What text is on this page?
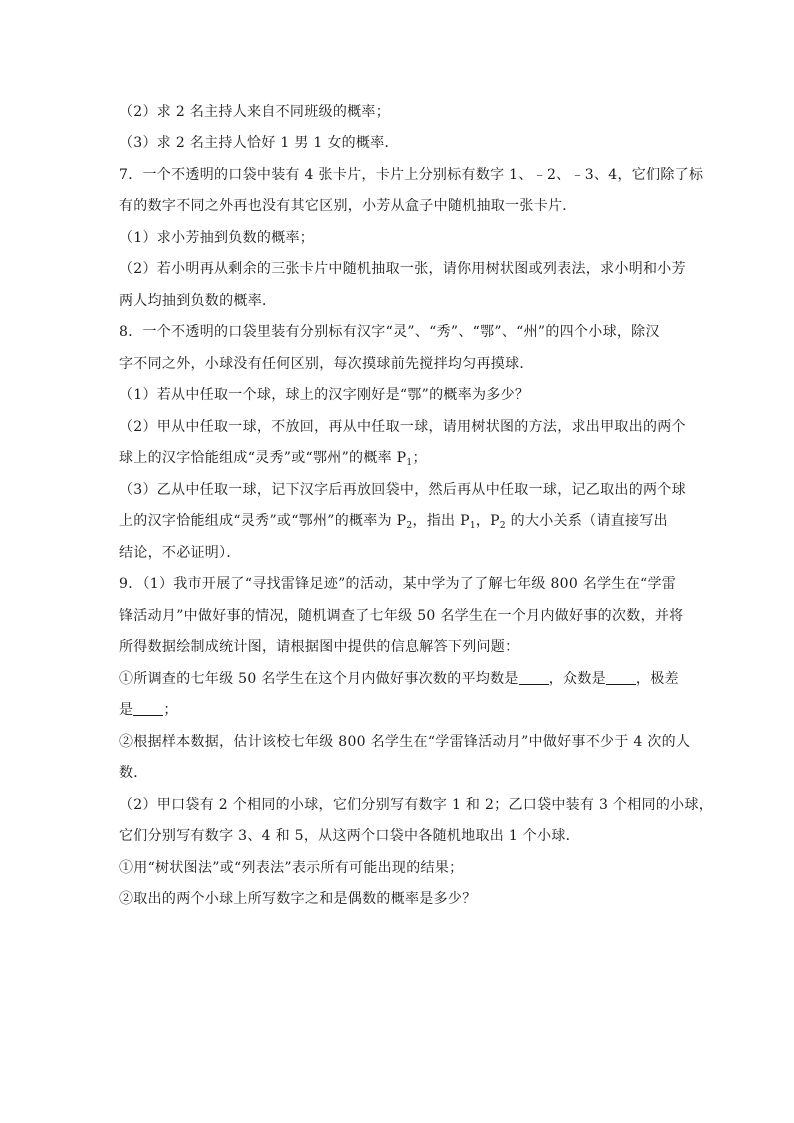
（2）求 2 名主持人来自不同班级的概率；
（3）求 2 名主持人恰好 1 男 1 女的概率．
7．一个不透明的口袋中装有 4 张卡片，卡片上分别标有数字 1、﹣2、﹣3、4，它们除了标
有的数字不同之外再也没有其它区别，小芳从盒子中随机抽取一张卡片．
（1）求小芳抽到负数的概率；
（2）若小明再从剩余的三张卡片中随机抽取一张，请你用树状图或列表法，求小明和小芳
两人均抽到负数的概率．
8．一个不透明的口袋里装有分别标有汉字“灵”、“秀”、“鄂”、“州”的四个小球，除汉
字不同之外，小球没有任何区别，每次摸球前先搅拌均匀再摸球．
（1）若从中任取一个球，球上的汉字刚好是“鄂”的概率为多少？
（2）甲从中任取一球，不放回，再从中任取一球，请用树状图的方法，求出甲取出的两个
球上的汉字恰能组成“灵秀”或“鄂州”的概率 $P_1$；
（3）乙从中任取一球，记下汉字后再放回袋中，然后再从中任取一球，记乙取出的两个球
上的汉字恰能组成“灵秀”或“鄂州”的概率为 $P_2$，指出 $P_1$，$P_2$ 的大小关系（请直接写出
结论，不必证明）．
9．（1）我市开展了“寻找雷锋足迹”的活动，某中学为了了解七年级 800 名学生在“学雷
锋活动月”中做好事的情况，随机调查了七年级 50 名学生在一个月内做好事的次数，并将
所得数据绘制成统计图，请根据图中提供的信息解答下列问题：
①所调查的七年级 50 名学生在这个月内做好事次数的平均数是 ，众数是 ，极差
是 ；
②根据样本数据，估计该校七年级 800 名学生在“学雷锋活动月”中做好事不少于 4 次的人
数．
（2）甲口袋有 2 个相同的小球，它们分别写有数字 1 和 2；乙口袋中装有 3 个相同的小球，
它们分别写有数字 3、4 和 5，从这两个口袋中各随机地取出 1 个小球．
①用“树状图法”或“列表法”表示所有可能出现的结果；
②取出的两个小球上所写数字之和是偶数的概率是多少？
